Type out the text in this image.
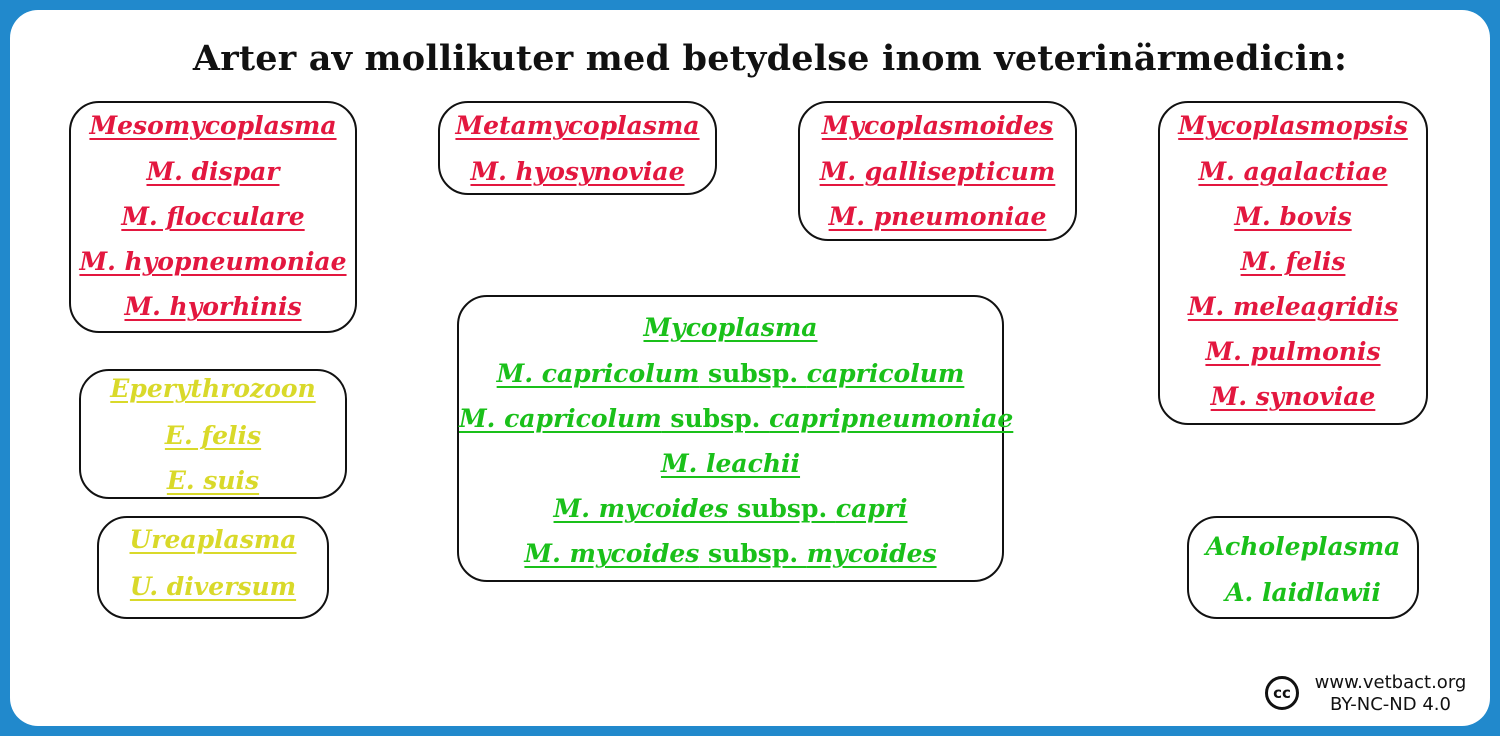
Arter av mollikuter med betydelse inom veterinärmedicin:
Mesomycoplasma
M. dispar
M. flocculare
M. hyopneumoniae
M. hyorhinis
Metamycoplasma
M. hyosynoviae
Mycoplasmoides
M. gallisepticum
M. pneumoniae
Mycoplasmopsis
M. agalactiae
M. bovis
M. felis
M. meleagridis
M. pulmonis
M. synoviae
Eperythrozoon
E. felis
E. suis
Ureaplasma
U. diversum
Mycoplasma
M. capricolum subsp. capricolum
M. capricolum subsp. capripneumoniae
M. leachii
M. mycoides subsp. capri
M. mycoides subsp. mycoides	Acholeplasma
A. laidlawii
cc	www.vetbact.org
BY-NC-ND 4.0
